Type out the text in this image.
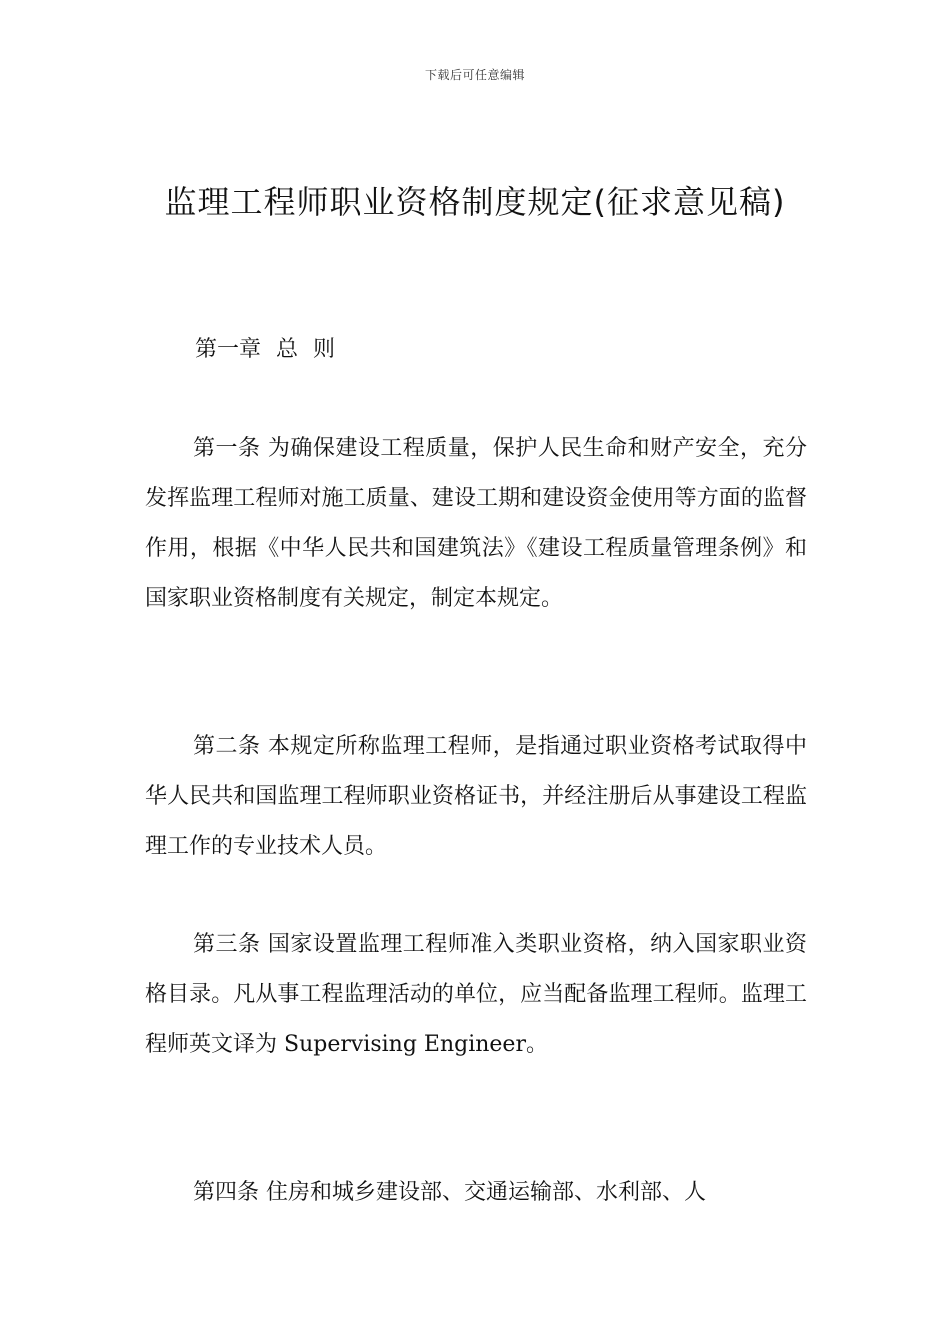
下载后可任意编辑
监理工程师职业资格制度规定(征求意见稿)
第一章 总 则

第一条 为确保建设工程质量，保护人民生命和财产安全，充分发挥监理工程师对施工质量、建设工期和建设资金使用等方面的监督作用，根据《中华人民共和国建筑法》《建设工程质量管理条例》和国家职业资格制度有关规定，制定本规定。

第二条 本规定所称监理工程师，是指通过职业资格考试取得中华人民共和国监理工程师职业资格证书，并经注册后从事建设工程监理工作的专业技术人员。

第三条 国家设置监理工程师准入类职业资格，纳入国家职业资格目录。凡从事工程监理活动的单位，应当配备监理工程师。监理工程师英文译为 Supervising Engineer。

第四条 住房和城乡建设部、交通运输部、水利部、人
